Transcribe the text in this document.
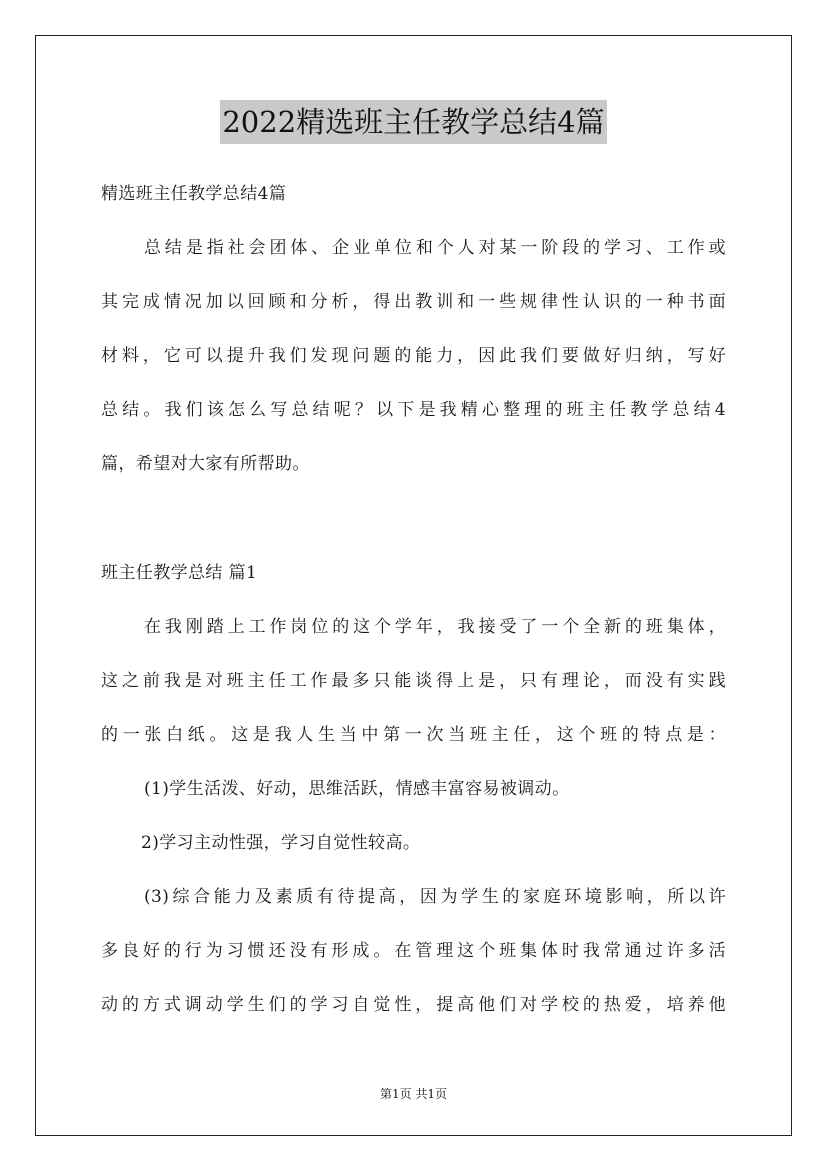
2022精选班主任教学总结4篇
精选班主任教学总结4篇
总结是指社会团体、企业单位和个人对某一阶段的学习、工作或
其完成情况加以回顾和分析，得出教训和一些规律性认识的一种书面
材料，它可以提升我们发现问题的能力，因此我们要做好归纳，写好
总结。我们该怎么写总结呢？以下是我精心整理的班主任教学总结4
篇，希望对大家有所帮助。
班主任教学总结 篇1
在我刚踏上工作岗位的这个学年，我接受了一个全新的班集体，
这之前我是对班主任工作最多只能谈得上是，只有理论，而没有实践
的一张白纸。这是我人生当中第一次当班主任，这个班的特点是：
(1)学生活泼、好动，思维活跃，情感丰富容易被调动。
2)学习主动性强，学习自觉性较高。
(3)综合能力及素质有待提高，因为学生的家庭环境影响，所以许
多良好的行为习惯还没有形成。在管理这个班集体时我常通过许多活
动的方式调动学生们的学习自觉性，提高他们对学校的热爱，培养他
第1页 共1页
